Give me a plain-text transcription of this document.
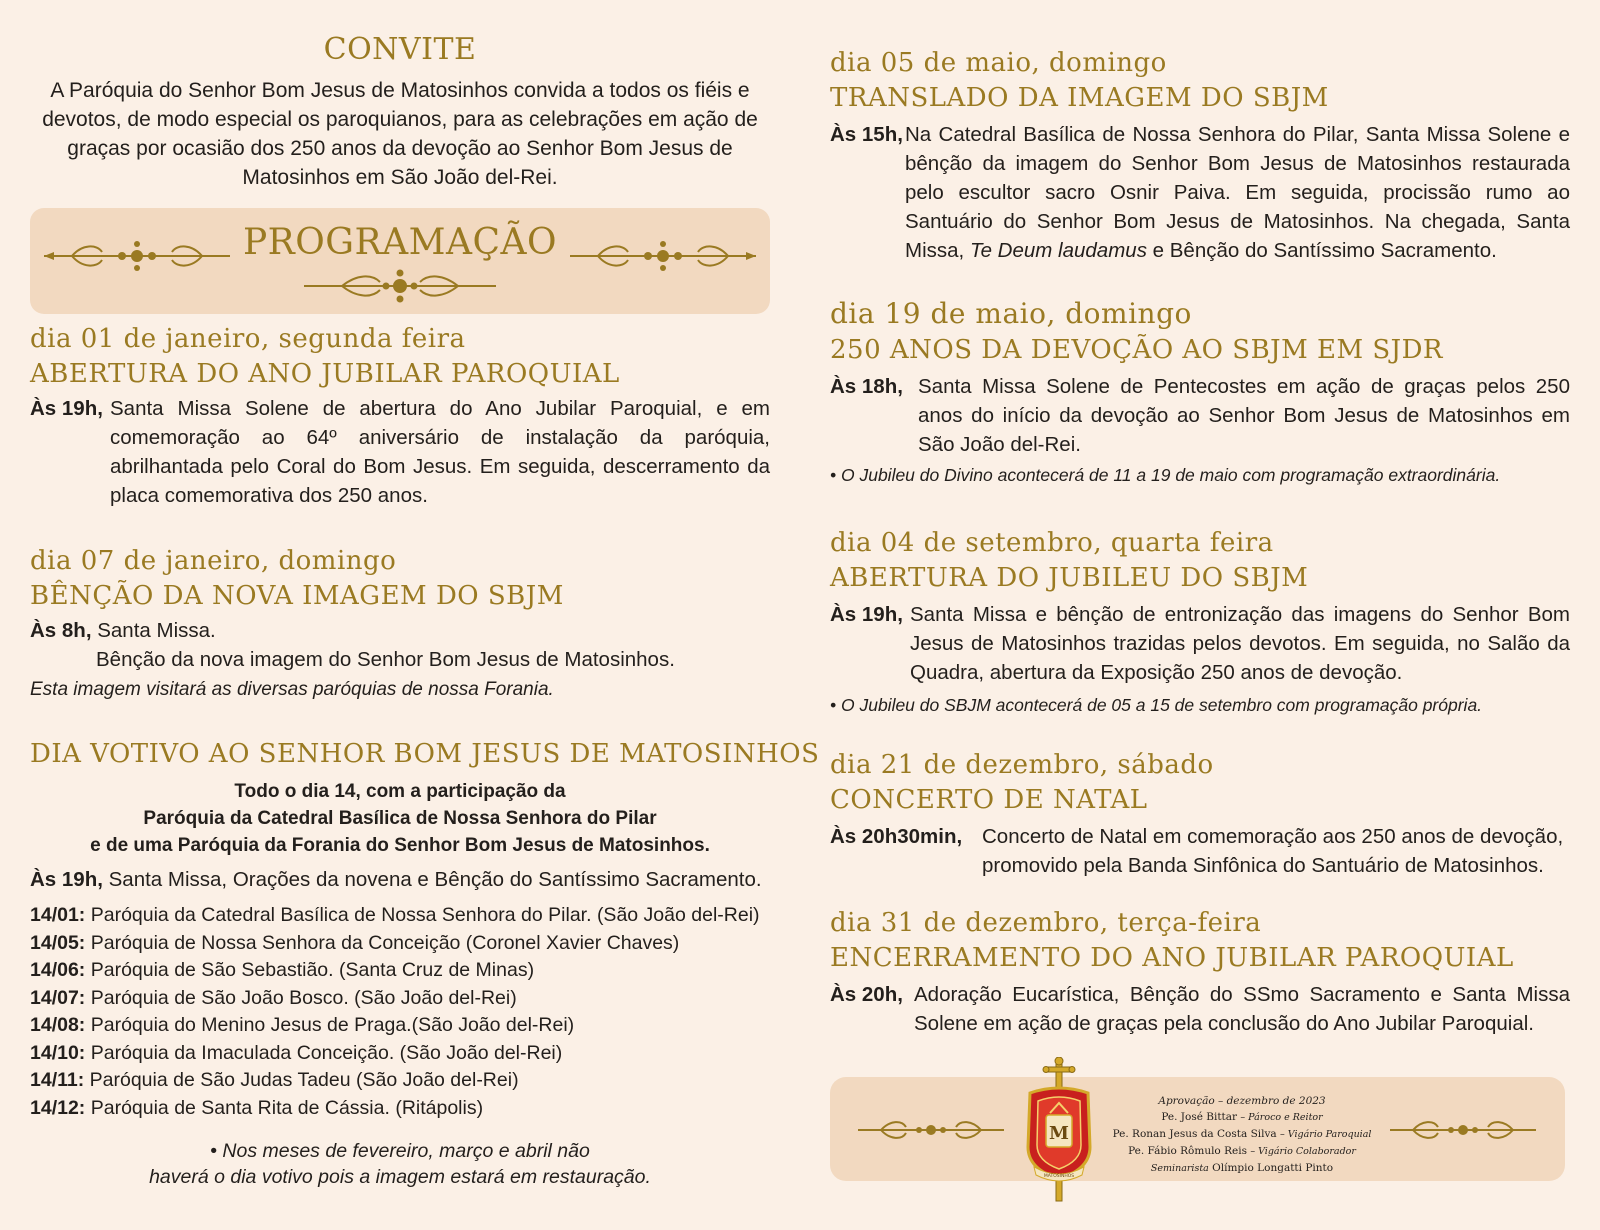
CONVITE
A Paróquia do Senhor Bom Jesus de Matosinhos convida a todos os fiéis e devotos, de modo especial os paroquianos, para as celebrações em ação de graças por ocasião dos 250 anos da devoção ao Senhor Bom Jesus de Matosinhos em São João del-Rei.
PROGRAMAÇÃO
dia 01 de janeiro, segunda feira
ABERTURA DO ANO JUBILAR PAROQUIAL
Às 19h, Santa Missa Solene de abertura do Ano Jubilar Paroquial, e em comemoração ao 64º aniversário de instalação da paróquia, abrilhantada pelo Coral do Bom Jesus. Em seguida, descerramento da placa comemorativa dos 250 anos.
dia 07 de janeiro, domingo
BÊNÇÃO DA NOVA IMAGEM DO SBJM
Às 8h, Santa Missa.
Bênção da nova imagem do Senhor Bom Jesus de Matosinhos.
Esta imagem visitará as diversas paróquias de nossa Forania.
DIA VOTIVO AO SENHOR BOM JESUS DE MATOSINHOS
Todo o dia 14, com a participação da
Paróquia da Catedral Basílica de Nossa Senhora do Pilar
e de uma Paróquia da Forania do Senhor Bom Jesus de Matosinhos.
Às 19h, Santa Missa, Orações da novena e Bênção do Santíssimo Sacramento.
14/01: Paróquia da Catedral Basílica de Nossa Senhora do Pilar. (São João del-Rei)
14/05: Paróquia de Nossa Senhora da Conceição (Coronel Xavier Chaves)
14/06: Paróquia de São Sebastião. (Santa Cruz de Minas)
14/07: Paróquia de São João Bosco. (São João del-Rei)
14/08: Paróquia do Menino Jesus de Praga.(São João del-Rei)
14/10: Paróquia da Imaculada Conceição. (São João del-Rei)
14/11: Paróquia de São Judas Tadeu (São João del-Rei)
14/12: Paróquia de Santa Rita de Cássia. (Ritápolis)
• Nos meses de fevereiro, março e abril não
haverá o dia votivo pois a imagem estará em restauração.
dia 05 de maio, domingo
TRANSLADO DA IMAGEM DO SBJM
Às 15h, Na Catedral Basílica de Nossa Senhora do Pilar, Santa Missa Solene e bênção da imagem do Senhor Bom Jesus de Matosinhos restaurada pelo escultor sacro Osnir Paiva. Em seguida, procissão rumo ao Santuário do Senhor Bom Jesus de Matosinhos. Na chegada, Santa Missa, Te Deum laudamus e Bênção do Santíssimo Sacramento.
dia 19 de maio, domingo
250 ANOS DA DEVOÇÃO AO SBJM EM SJDR
Às 18h, Santa Missa Solene de Pentecostes em ação de graças pelos 250 anos do início da devoção ao Senhor Bom Jesus de Matosinhos em São João del-Rei.
• O Jubileu do Divino acontecerá de 11 a 19 de maio com programação extraordinária.
dia 04 de setembro, quarta feira
ABERTURA DO JUBILEU DO SBJM
Às 19h, Santa Missa e bênção de entronização das imagens do Senhor Bom Jesus de Matosinhos trazidas pelos devotos. Em seguida, no Salão da Quadra, abertura da Exposição 250 anos de devoção.
• O Jubileu do SBJM acontecerá de 05 a 15 de setembro com programação própria.
dia 21 de dezembro, sábado
CONCERTO DE NATAL
Às 20h30min, Concerto de Natal em comemoração aos 250 anos de devoção, promovido pela Banda Sinfônica do Santuário de Matosinhos.
dia 31 de dezembro, terça-feira
ENCERRAMENTO DO ANO JUBILAR PAROQUIAL
Às 20h, Adoração Eucarística, Bênção do SSmo Sacramento e Santa Missa Solene em ação de graças pela conclusão do Ano Jubilar Paroquial.
M
MATOSINHOS
Aprovação – dezembro de 2023
Pe. José Bittar – Pároco e Reitor
Pe. Ronan Jesus da Costa Silva – Vigário Paroquial
Pe. Fábio Rômulo Reis – Vigário Colaborador
Seminarista Olímpio Longatti Pinto
